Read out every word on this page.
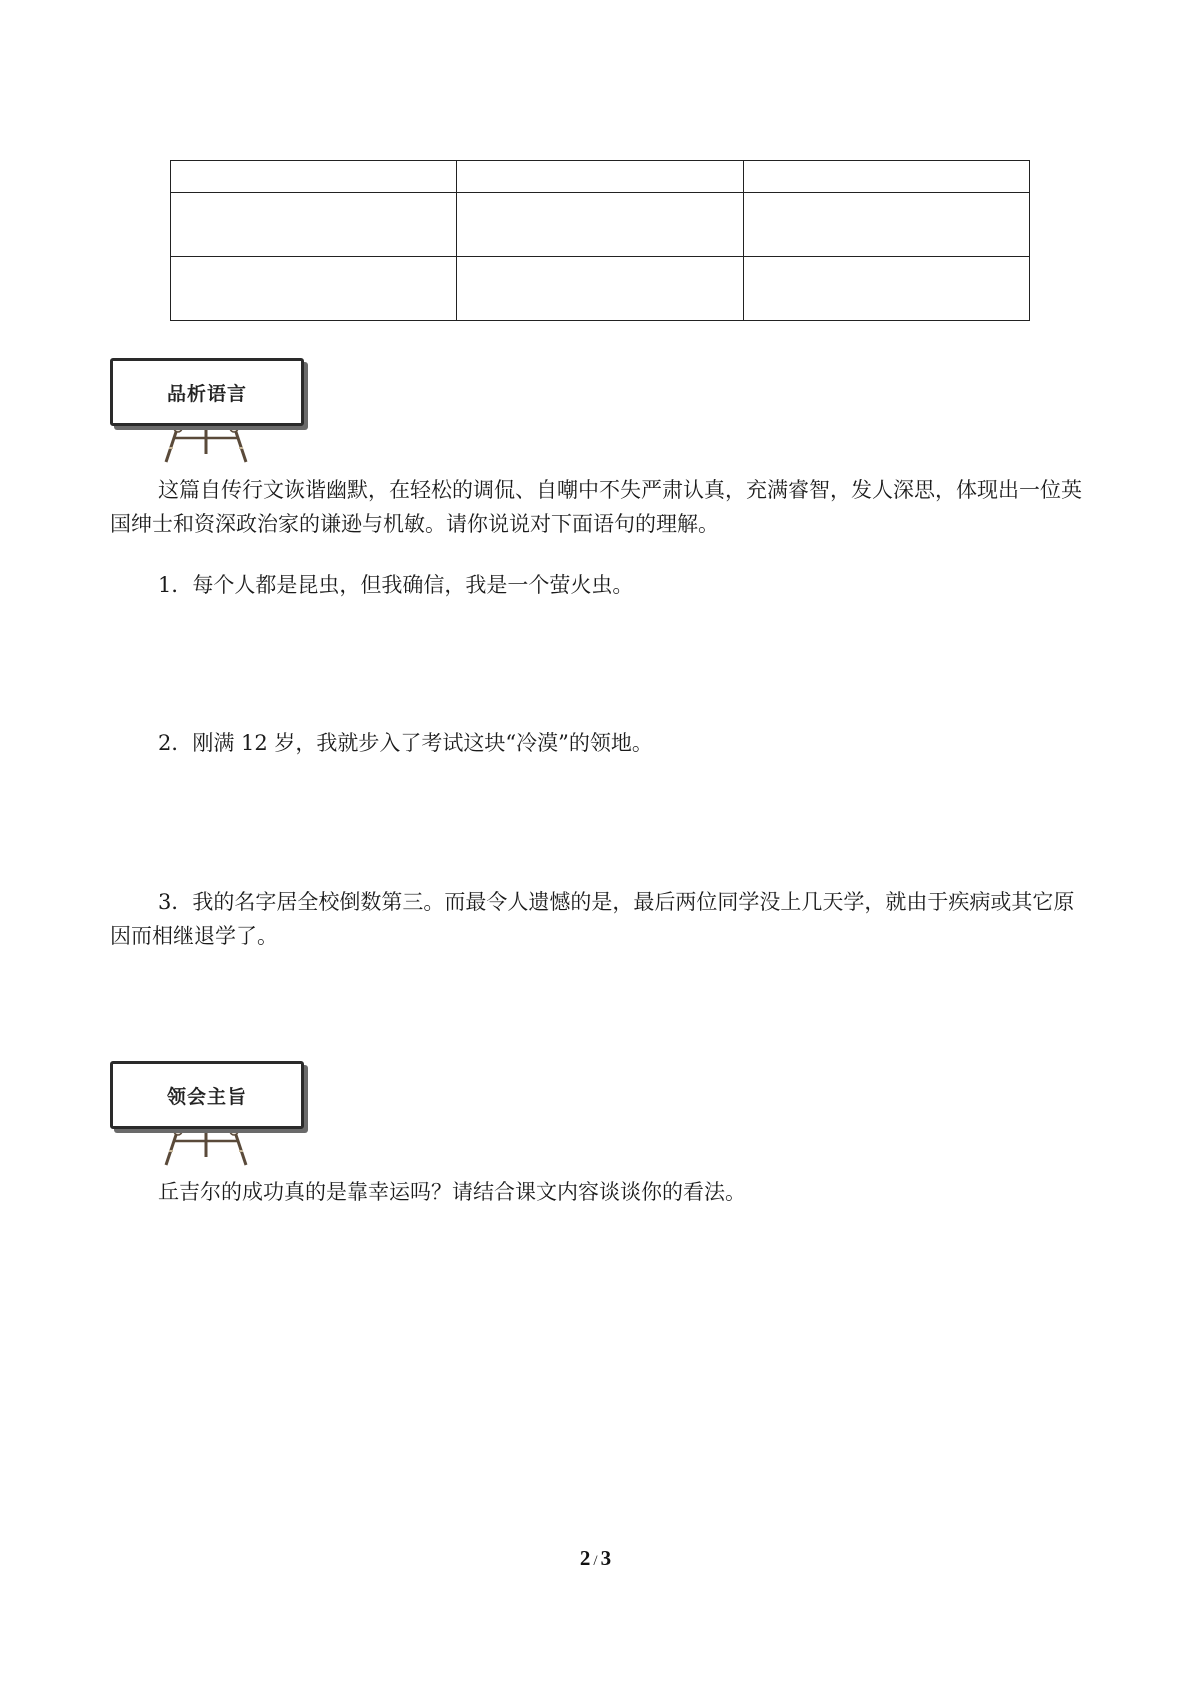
品析语言

这篇自传行文诙谐幽默，在轻松的调侃、自嘲中不失严肃认真，充满睿智，发人深思，体现出一位英国绅士和资深政治家的谦逊与机敏。请你说说对下面语句的理解。

1．每个人都是昆虫，但我确信，我是一个萤火虫。

2．刚满 12 岁，我就步入了考试这块“冷漠”的领地。

3．我的名字居全校倒数第三。而最令人遗憾的是，最后两位同学没上几天学，就由于疾病或其它原因而相继退学了。

领会主旨

丘吉尔的成功真的是靠幸运吗？请结合课文内容谈谈你的看法。

2 / 3
